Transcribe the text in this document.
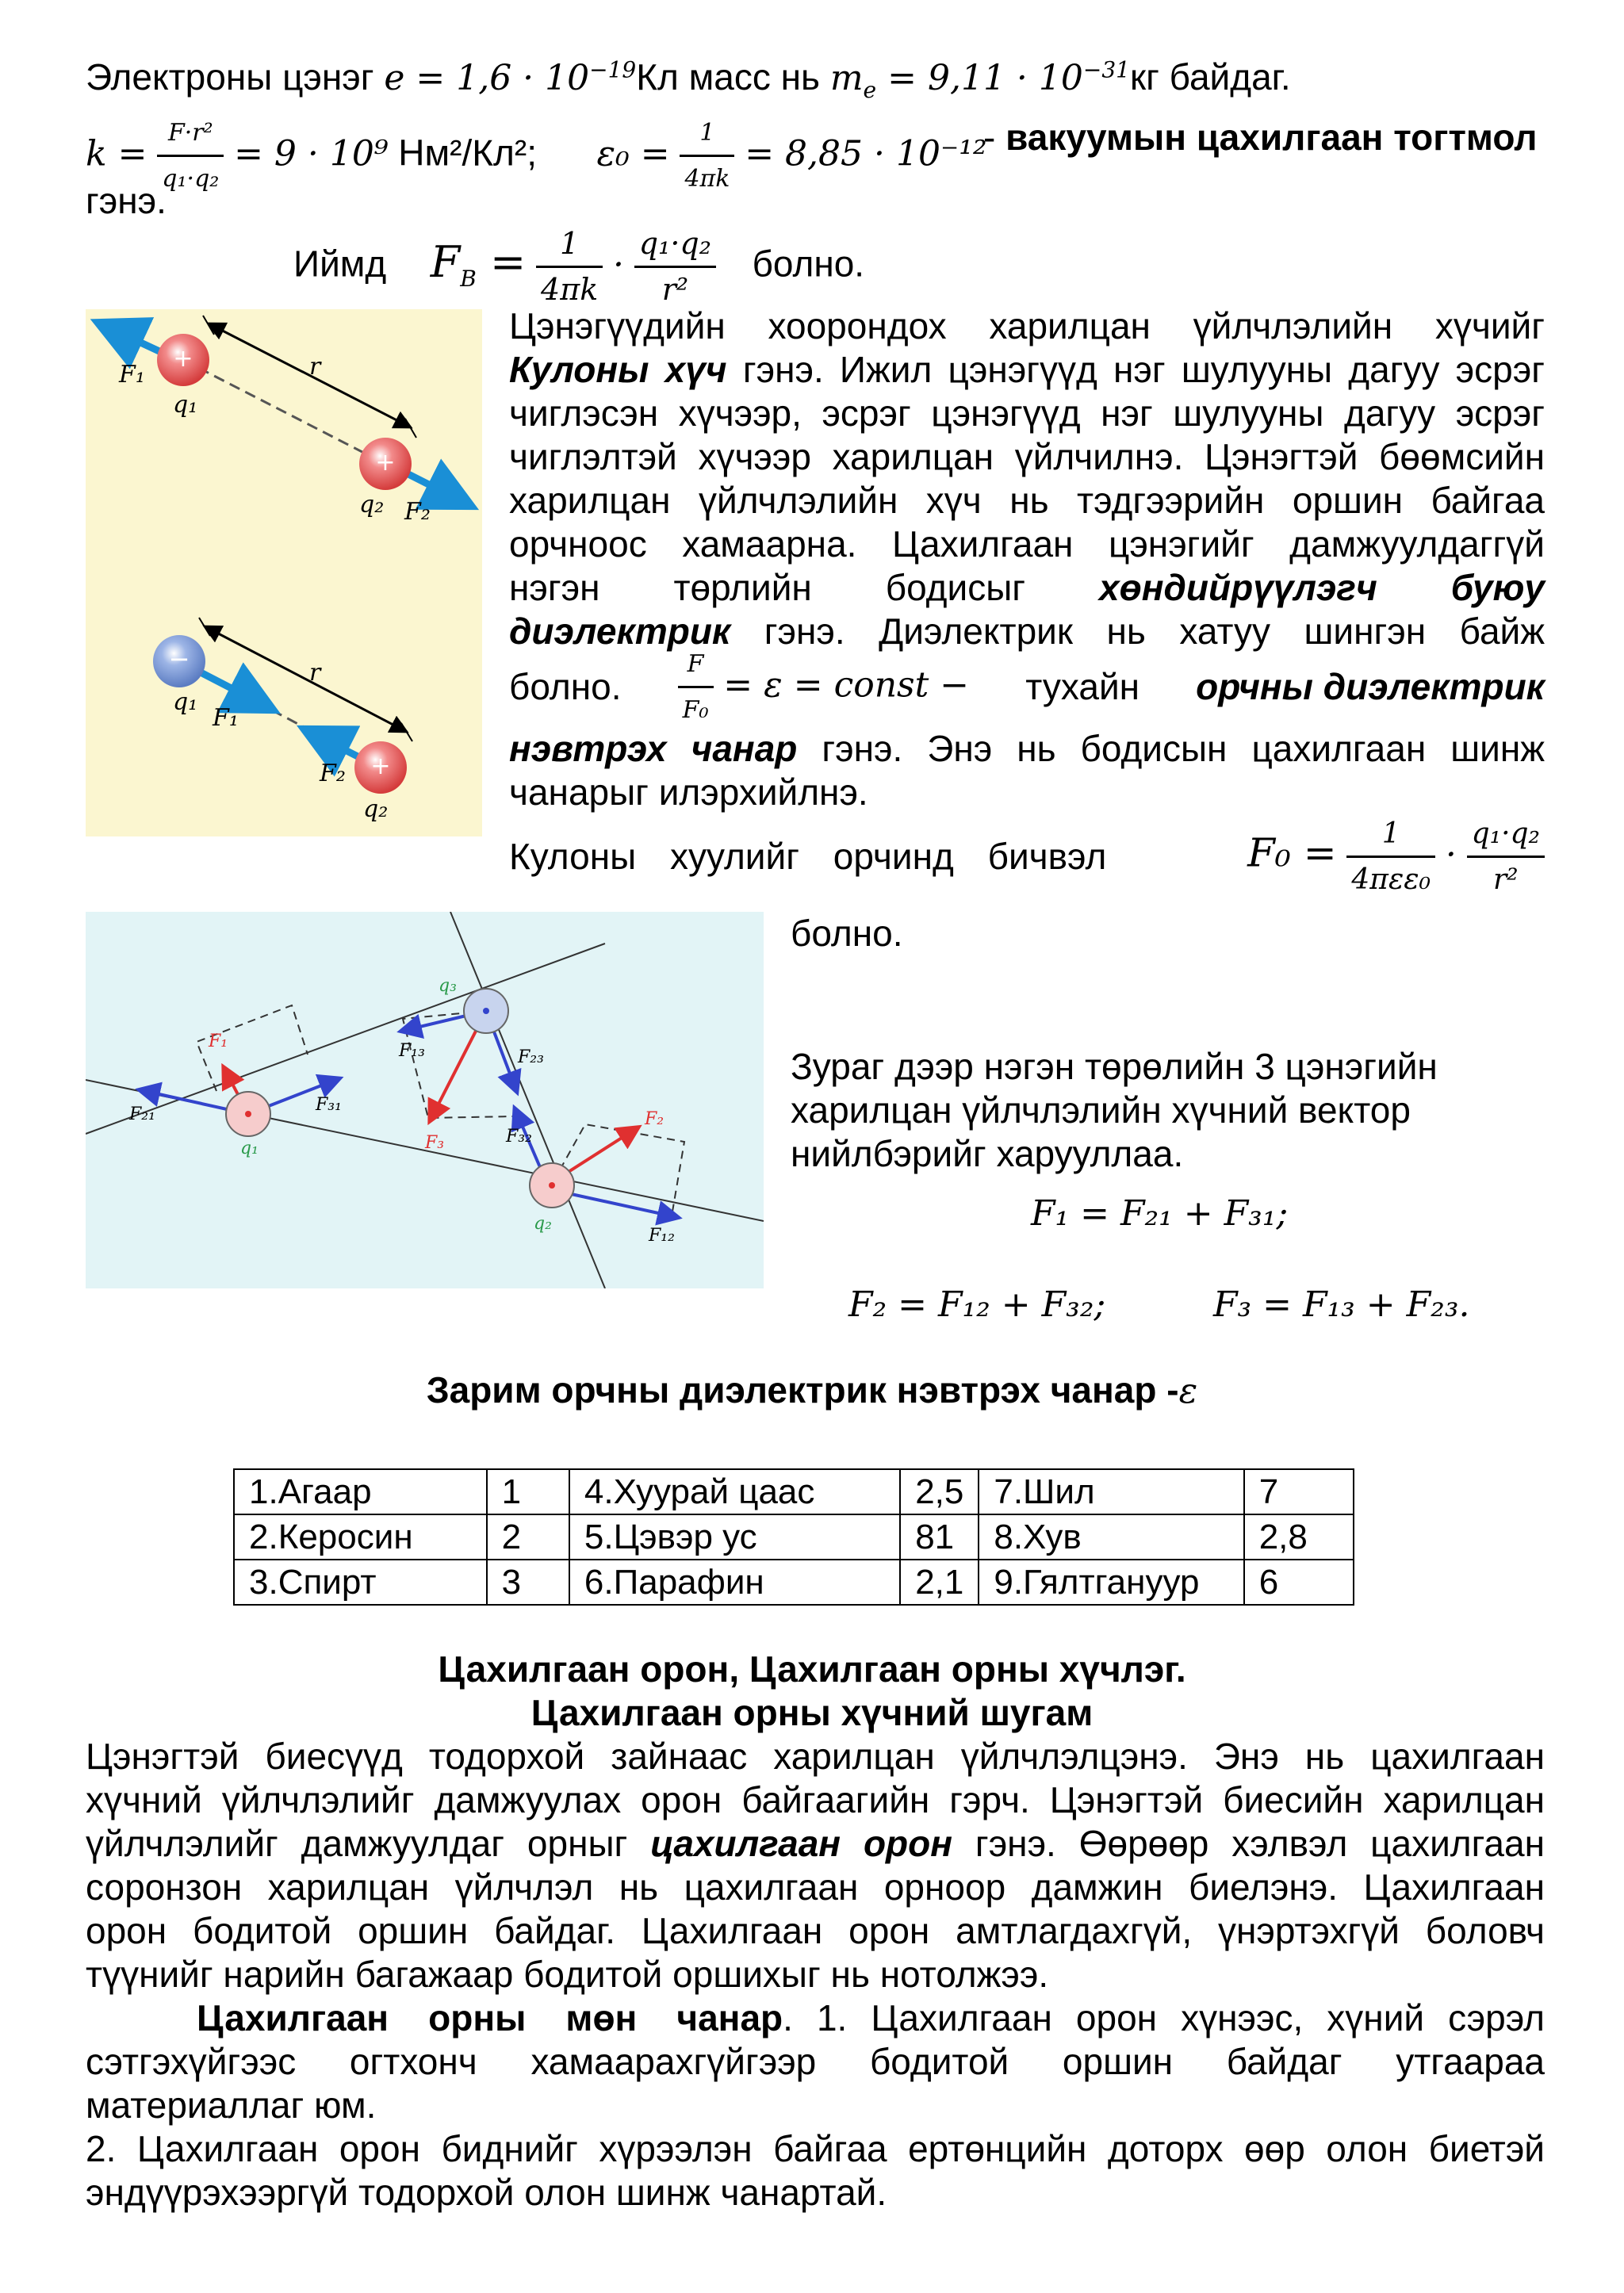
Электроны цэнэг $e = 1,6 \cdot 10^{-19}Кл$ масс нь $m_e = 9,11 \cdot 10^{-31}кг$ байдаг.
$k = \frac{\text{F·r²}}{\text{q₁·q₂}} = 9 \cdot 10^9$ Нм²/Кл²; $\varepsilon_0 = \frac{1}{4\pi k} = 8,85 \cdot 10^{-12}$
- вакуумын цахилгаан тогтмол
гэнэ.
Иймд $F_B = \frac{1}{4\pi k} \cdot \frac{\text{q₁·q₂}}{\text{r²}}$ болно.
+
+
r
F₁
q₁
q₂ F₂
−
+
r
q₁
F₁
F₂
q₂
Цэнэгүүдийн хоорондох харилцан үйлчлэлийн хүчийг
Кулоны хүч гэнэ. Ижил цэнэгүүд нэг шулууны дагуу эсрэг
чиглэсэн хүчээр, эсрэг цэнэгүүд нэг шулууны дагуу эсрэг
чиглэлтэй хүчээр харилцан үйлчилнэ. Цэнэгтэй бөөмсийн
харилцан үйлчлэлийн хүч нь тэдгээрийн оршин байгаа
орчноос хамаарна. Цахилгаан цэнэгийг дамжуулдаггүй
нэгэн төрлийн бодисыг хөндийрүүлэгч буюу
диэлектрик гэнэ. Диэлектрик нь хатуу шингэн байж
болно. $\frac{F}{\text{F₀}} = \varepsilon$ = const − тухайн орчны диэлектрик
нэвтрэх чанар гэнэ. Энэ нь бодисын цахилгаан шинж
чанарыг илэрхийлнэ.
Кулоны хуулийг орчинд бичвэл	$F_0 = \frac{1}{\text{4πεε₀}} \cdot \frac{\text{q₁·q₂}}{\text{r²}}$
болно.
q₁
q₂
q₃
F₁
F₂
F₃
F₂₁	F₃₁
F₁₂
F₃₂
F₁₃	F₂₃	Зураг дээр нэгэн төрөлийн 3 цэнэгийн
харилцан үйлчлэлийн хүчний вектор
нийлбэрийг харууллаа.
F₁ = F₂₁ + F₃₁;
F₂ = F₁₂ + F₃₂;	F₃ = F₁₃ + F₂₃.
Зарим орчны диэлектрик нэвтрэх чанар -ε
1.Агаар	1	4.Хуурай цаас	2,5	7.Шил	7
2.Керосин	2	5.Цэвэр ус	81	8.Хув	2,8
3.Спирт	3	6.Парафин	2,1	9.Гялтгануур	6
Цахилгаан орон, Цахилгаан орны хүчлэг.
Цахилгаан орны хүчний шугам
Цэнэгтэй биесүүд тодорхой зайнаас харилцан үйлчлэлцэнэ. Энэ нь цахилгаан
хүчний үйлчлэлийг дамжуулах орон байгаагийн гэрч. Цэнэгтэй биесийн харилцан
үйлчлэлийг дамжуулдаг орныг цахилгаан орон гэнэ. Өөрөөр хэлвэл цахилгаан
соронзон харилцан үйлчлэл нь цахилгаан орноор дамжин биелэнэ. Цахилгаан
орон бодитой оршин байдаг. Цахилгаан орон амтлагдахгүй, үнэртэхгүй боловч
түүнийг нарийн багажаар бодитой оршихыг нь нотолжээ.
Цахилгаан орны мөн чанар. 1. Цахилгаан орон хүнээс, хүний сэрэл
сэтгэхүйгээс огтхонч хамаарахгүйгээр бодитой оршин байдаг утгаараа
материаллаг юм.
2. Цахилгаан орон биднийг хүрээлэн байгаа ертөнцийн доторх өөр олон биетэй
эндүүрэхээргүй тодорхой олон шинж чанартай.
